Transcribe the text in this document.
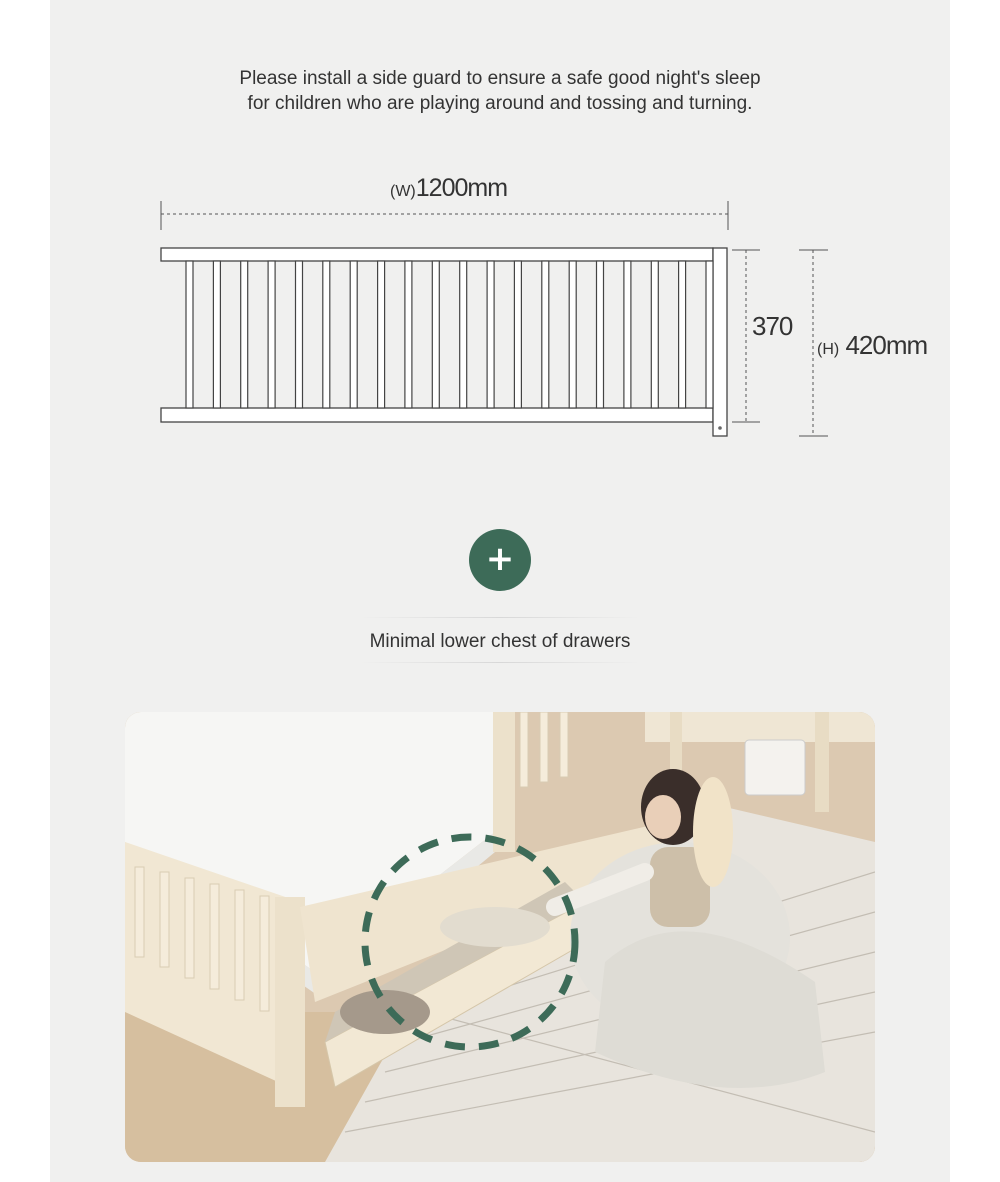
Please install a side guard to ensure a safe good night's sleep
for children who are playing around and tossing and turning.
(W)1200mm
370
(H) 420mm
+
Minimal lower chest of drawers
